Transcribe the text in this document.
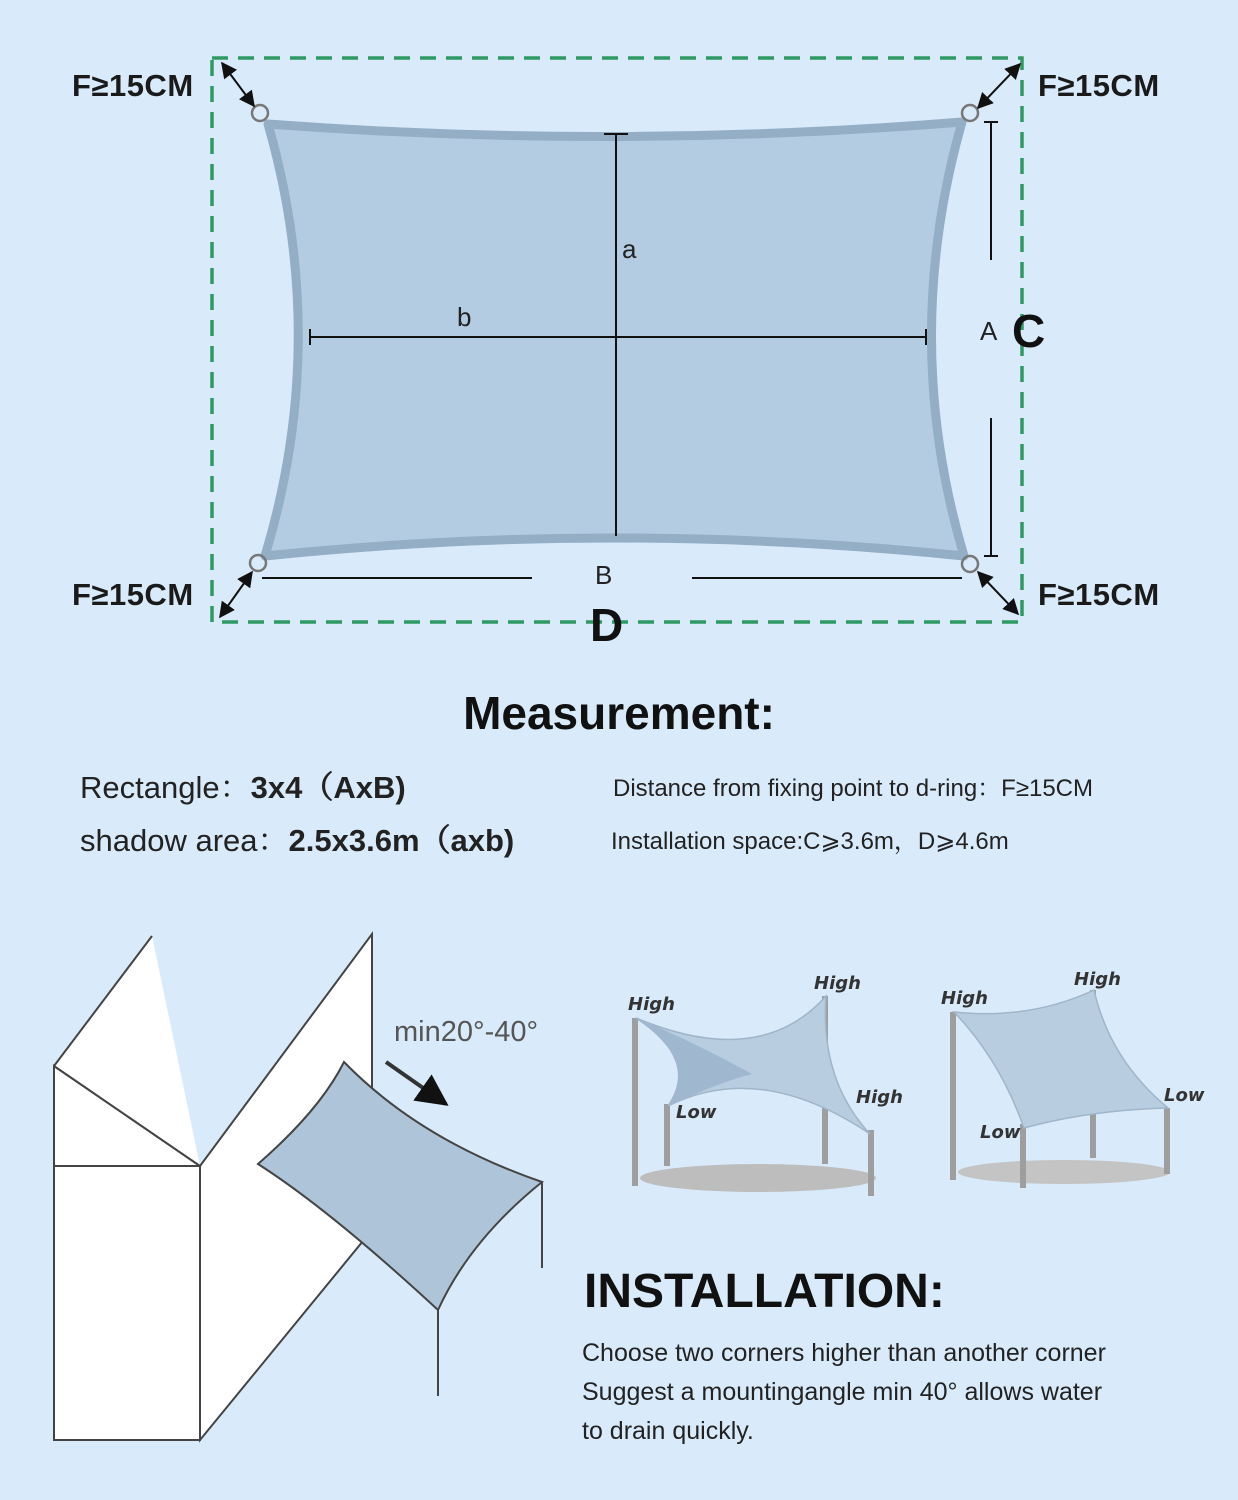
F≥15CM	F≥15CM
F≥15CM	F≥15CM
a
b	A
B
C
D
Measurement:
Rectangle：3x4（AxB)
shadow area：2.5x3.6m（axb)
Distance from fixing point to d-ring：F≥15CM
Installation space:C⩾3.6m，D⩾4.6m
min20°-40°
High
High
High
Low
High
High
Low
Low
INSTALLATION:
Choose two corners higher than another corner
Suggest a mountingangle min 40° allows water
to drain quickly.
